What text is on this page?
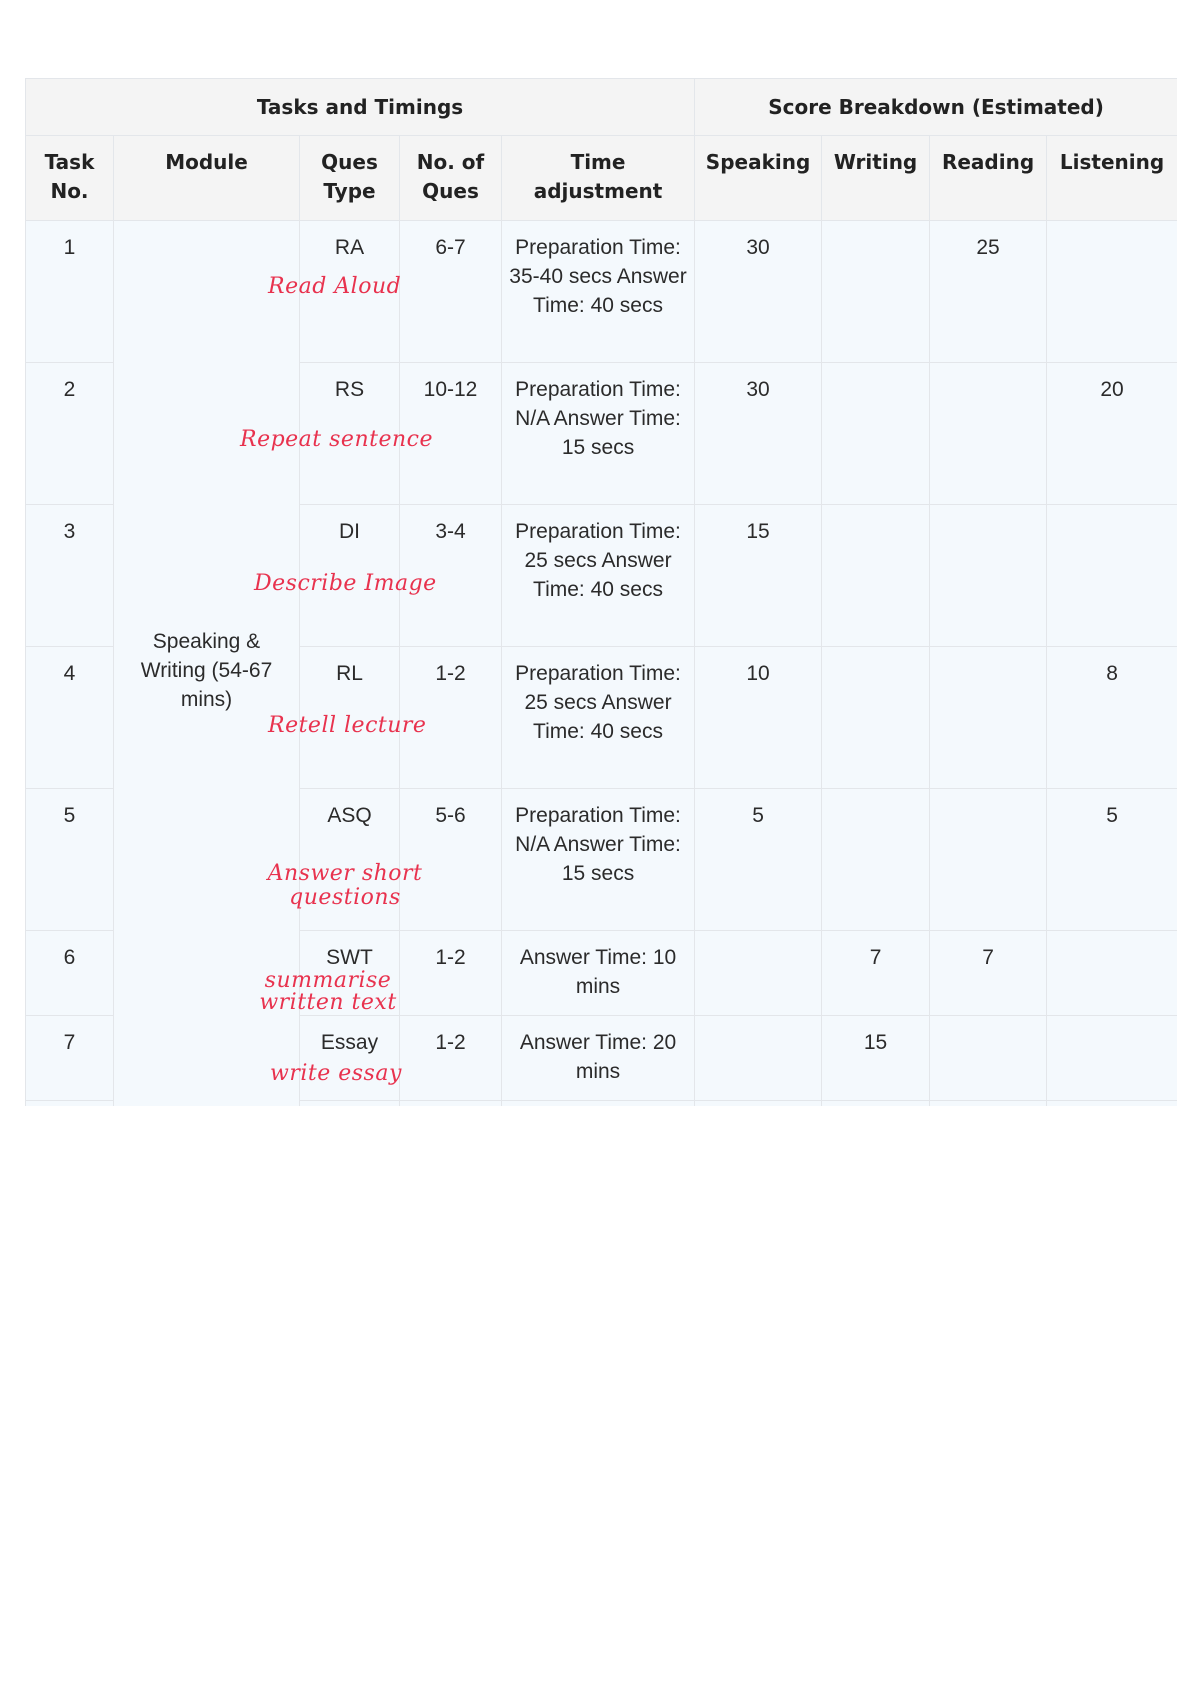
Tasks and Timings					Score Breakdown (Estimated)			
Task No.	Module	Ques Type	No. of Ques	Time adjustment	Speaking	Writing	Reading	Listening
1	Speaking & Writing (54-67 mins)	RA	6-7	Preparation Time: 35-40 secs Answer Time: 40 secs	30		25	
2		RS	10-12	Preparation Time: N/A Answer Time: 15 secs	30			20
3		DI	3-4	Preparation Time: 25 secs Answer Time: 40 secs	15			
4		RL	1-2	Preparation Time: 25 secs Answer Time: 40 secs	10			8
5		ASQ	5-6	Preparation Time: N/A Answer Time: 15 secs	5			5
6		SWT	1-2	Answer Time: 10 mins		7	7	
7		Essay	1-2	Answer Time: 20 mins		15		

Read Aloud
Repeat sentence
Describe Image
Retell lecture
Answer short
questions
summarise
written text
write essay
